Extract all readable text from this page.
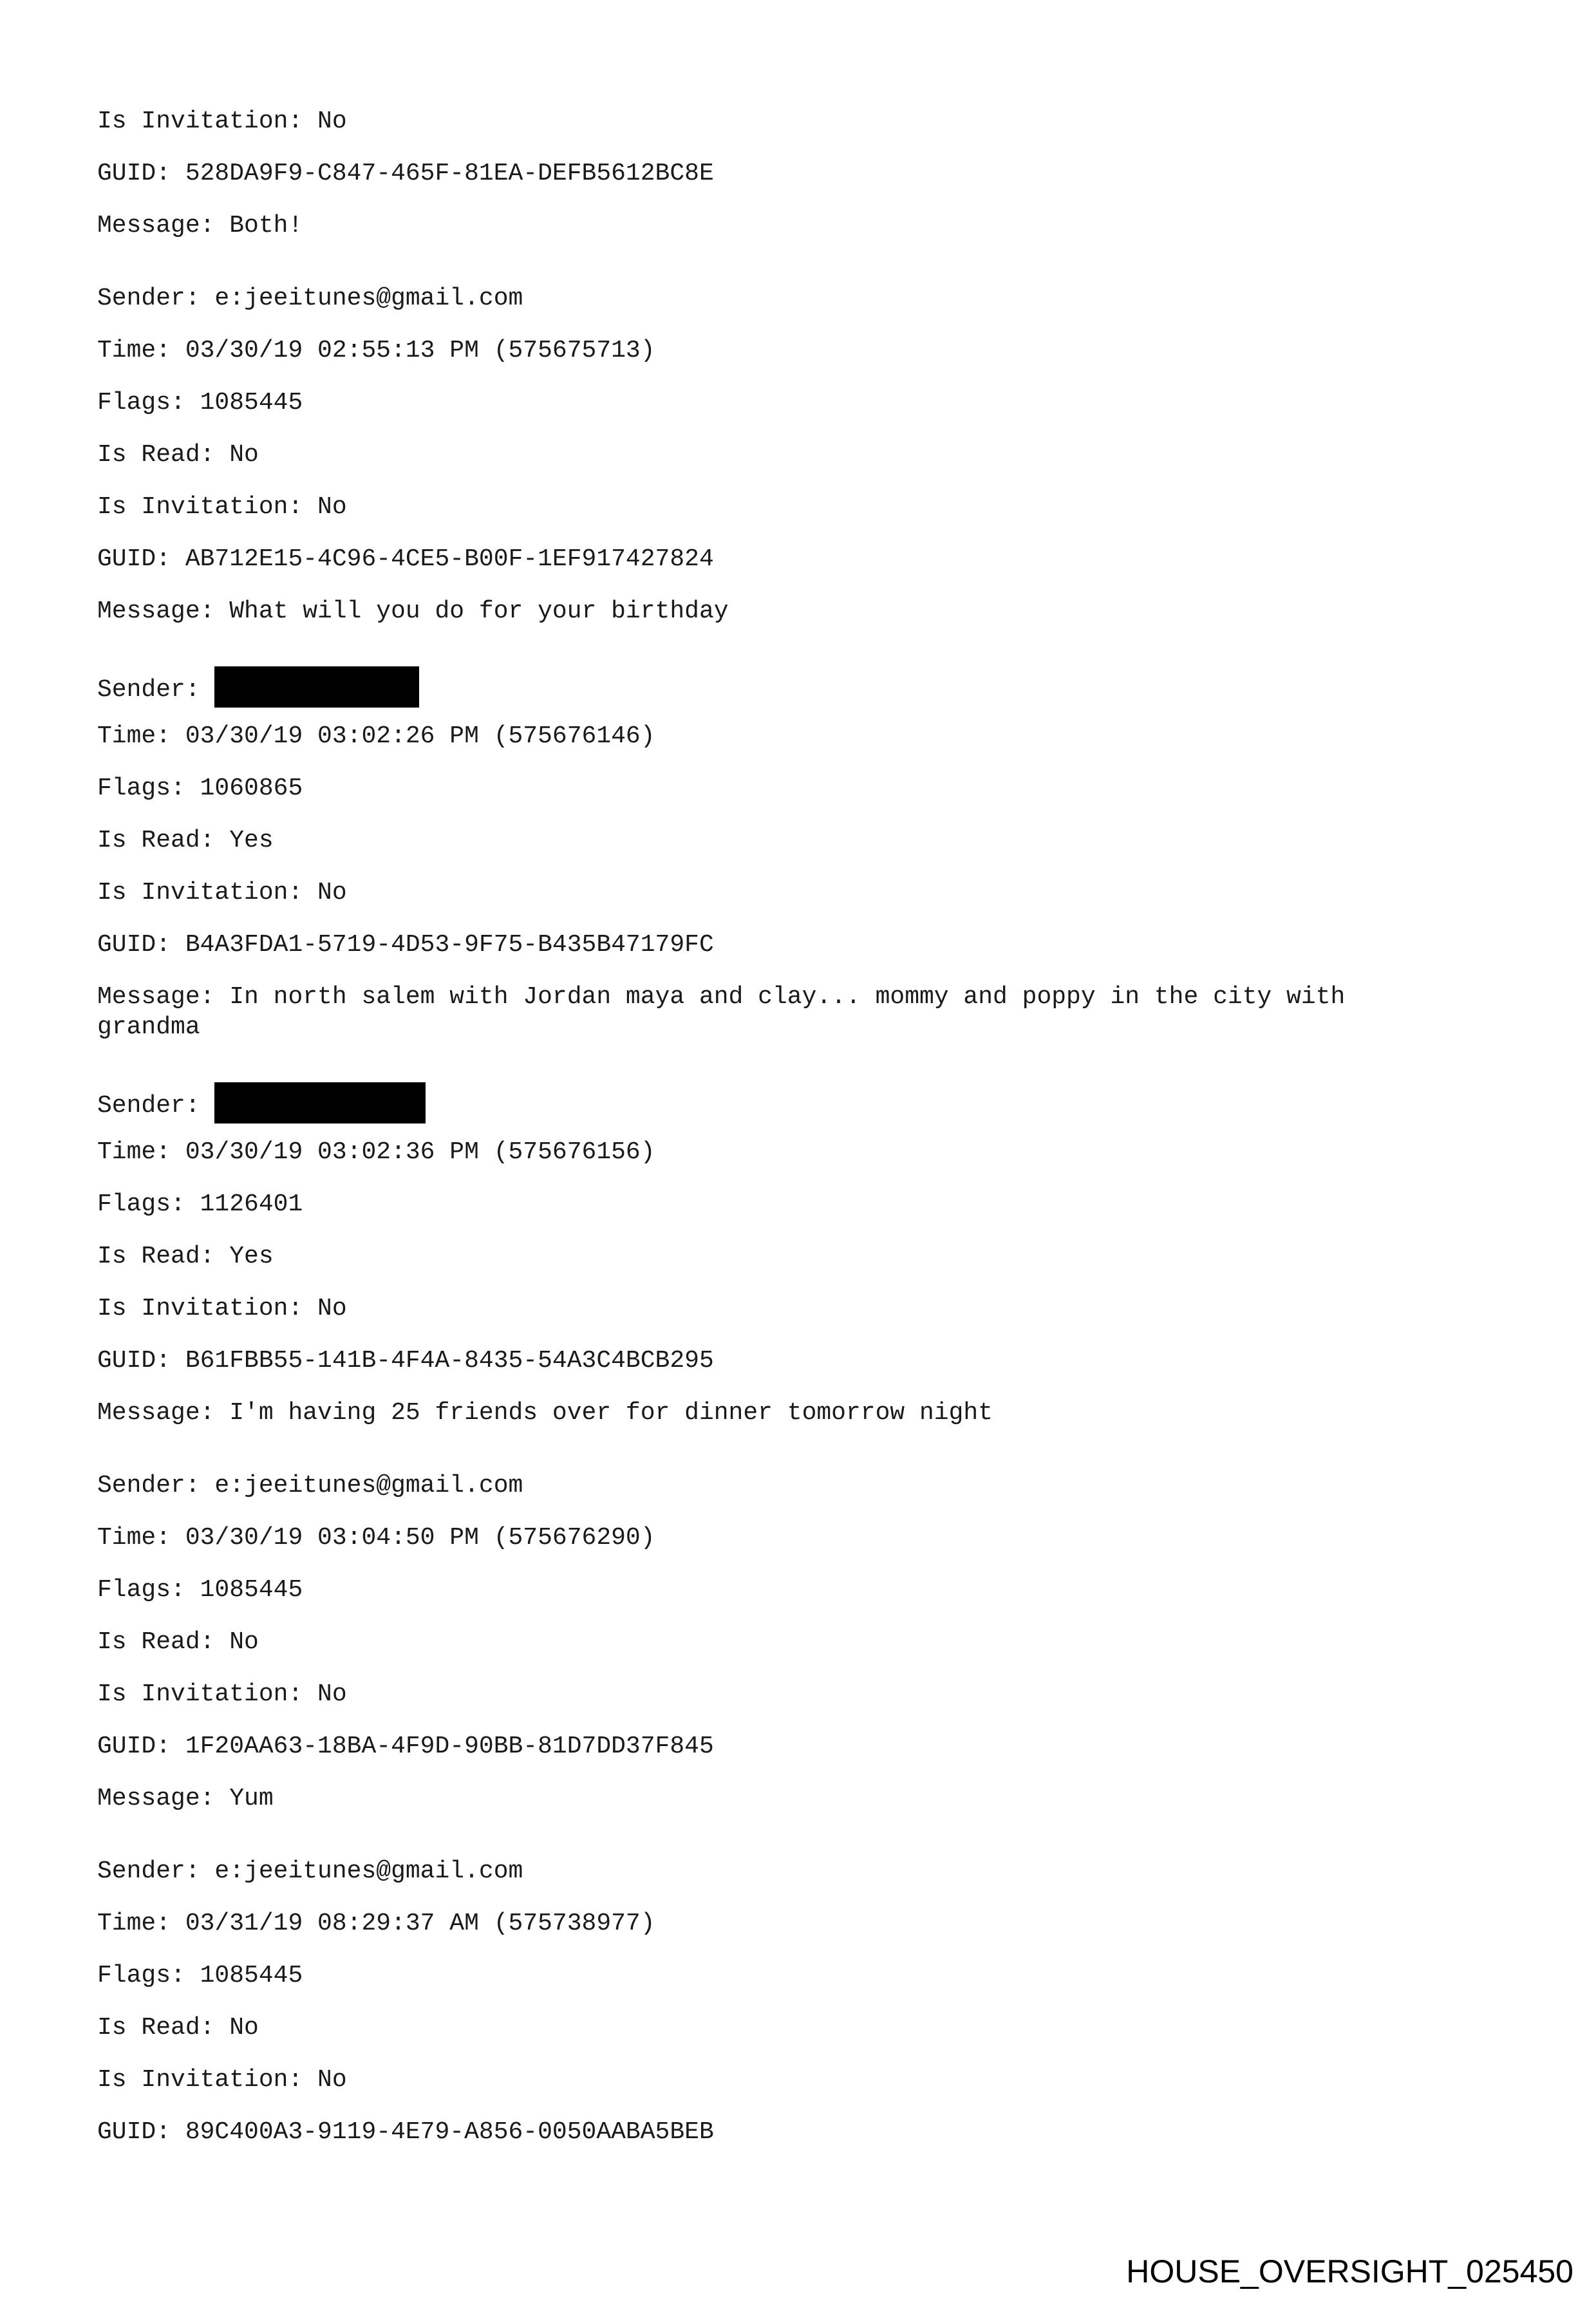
Is Invitation: No
GUID: 528DA9F9-C847-465F-81EA-DEFB5612BC8E
Message: Both!
Sender: e:jeeitunes@gmail.com
Time: 03/30/19 02:55:13 PM (575675713)
Flags: 1085445
Is Read: No
Is Invitation: No
GUID: AB712E15-4C96-4CE5-B00F-1EF917427824
Message: What will you do for your birthday
Sender:
Time: 03/30/19 03:02:26 PM (575676146)
Flags: 1060865
Is Read: Yes
Is Invitation: No
GUID: B4A3FDA1-5719-4D53-9F75-B435B47179FC
Message: In north salem with Jordan maya and clay... mommy and poppy in the city with
grandma
Sender:
Time: 03/30/19 03:02:36 PM (575676156)
Flags: 1126401
Is Read: Yes
Is Invitation: No
GUID: B61FBB55-141B-4F4A-8435-54A3C4BCB295
Message: I'm having 25 friends over for dinner tomorrow night
Sender: e:jeeitunes@gmail.com
Time: 03/30/19 03:04:50 PM (575676290)
Flags: 1085445
Is Read: No
Is Invitation: No
GUID: 1F20AA63-18BA-4F9D-90BB-81D7DD37F845
Message: Yum
Sender: e:jeeitunes@gmail.com
Time: 03/31/19 08:29:37 AM (575738977)
Flags: 1085445
Is Read: No
Is Invitation: No
GUID: 89C400A3-9119-4E79-A856-0050AABA5BEB
HOUSE_OVERSIGHT_025450
